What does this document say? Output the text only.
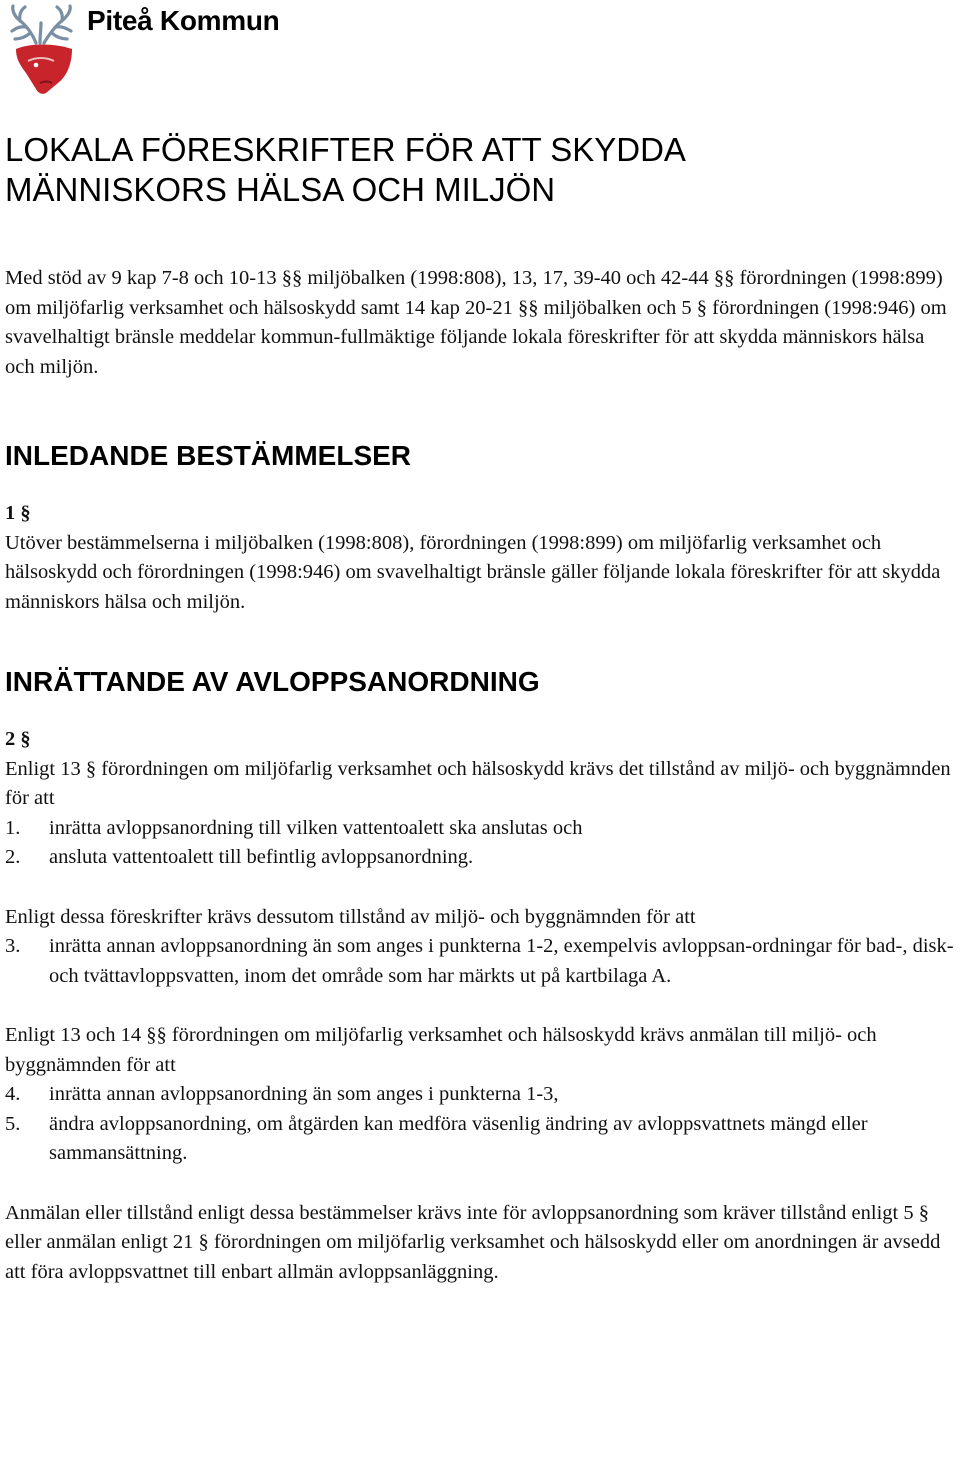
Piteå Kommun
LOKALA FÖRESKRIFTER FÖR ATT SKYDDA
MÄNNISKORS HÄLSA OCH MILJÖN

Med stöd av 9 kap 7-8 och 10-13 §§ miljöbalken (1998:808), 13, 17, 39-40 och 42-44 §§ förordningen (1998:899) om miljöfarlig verksamhet och hälsoskydd samt 14 kap 20-21 §§ miljöbalken och 5 § förordningen (1998:946) om svavelhaltigt bränsle meddelar kommun-fullmäktige följande lokala föreskrifter för att skydda människors hälsa och miljön.

INLEDANDE BESTÄMMELSER
1 §

Utöver bestämmelserna i miljöbalken (1998:808), förordningen (1998:899) om miljöfarlig verksamhet och hälsoskydd och förordningen (1998:946) om svavelhaltigt bränsle gäller följande lokala föreskrifter för att skydda människors hälsa och miljön.

INRÄTTANDE AV AVLOPPSANORDNING
2 §

Enligt 13 § förordningen om miljöfarlig verksamhet och hälsoskydd krävs det tillstånd av miljö- och byggnämnden för att

1.	inrätta avloppsanordning till vilken vattentoalett ska anslutas och
2.	ansluta vattentoalett till befintlig avloppsanordning.

Enligt dessa föreskrifter krävs dessutom tillstånd av miljö- och byggnämnden för att

3.	inrätta annan avloppsanordning än som anges i punkterna 1-2, exempelvis avloppsan-ordningar för bad-, disk- och tvättavloppsvatten, inom det område som har märkts ut på kartbilaga A.

Enligt 13 och 14 §§ förordningen om miljöfarlig verksamhet och hälsoskydd krävs anmälan till miljö- och byggnämnden för att

4.	inrätta annan avloppsanordning än som anges i punkterna 1-3,
5.	ändra avloppsanordning, om åtgärden kan medföra väsenlig ändring av avloppsvattnets mängd eller sammansättning.

Anmälan eller tillstånd enligt dessa bestämmelser krävs inte för avloppsanordning som kräver tillstånd enligt 5 § eller anmälan enligt 21 § förordningen om miljöfarlig verksamhet och hälsoskydd eller om anordningen är avsedd att föra avloppsvattnet till enbart allmän avloppsanläggning.
